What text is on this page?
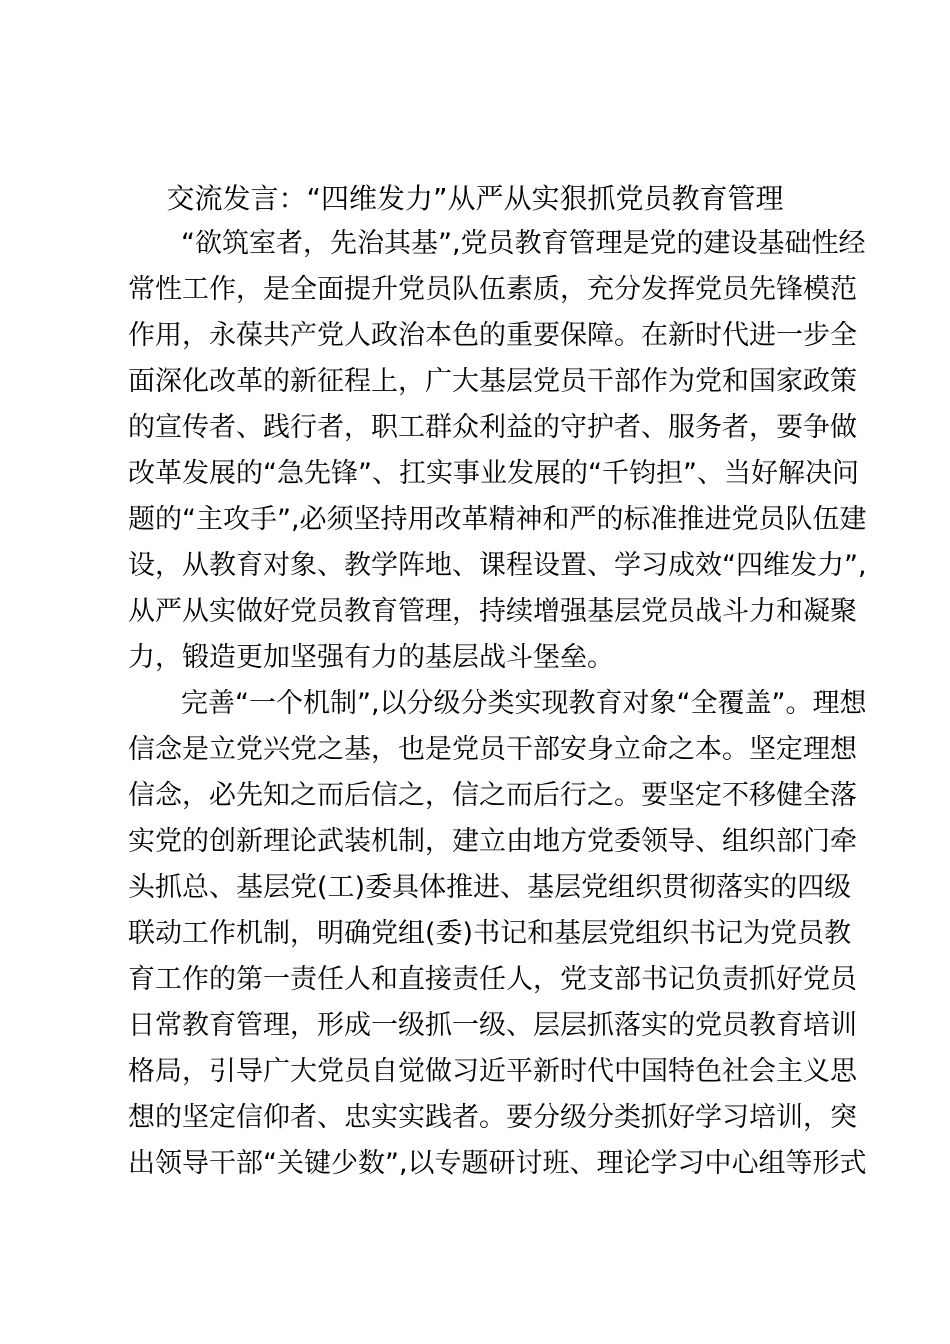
交流发言：“四维发力”从严从实狠抓党员教育管理
“欲筑室者，先治其基”,党员教育管理是党的建设基础性经
常性工作，是全面提升党员队伍素质，充分发挥党员先锋模范
作用，永葆共产党人政治本色的重要保障。在新时代进一步全
面深化改革的新征程上，广大基层党员干部作为党和国家政策
的宣传者、践行者，职工群众利益的守护者、服务者，要争做
改革发展的“急先锋”、扛实事业发展的“千钧担”、当好解决问
题的“主攻手”,必须坚持用改革精神和严的标准推进党员队伍建
设，从教育对象、教学阵地、课程设置、学习成效“四维发力”,
从严从实做好党员教育管理，持续增强基层党员战斗力和凝聚
力，锻造更加坚强有力的基层战斗堡垒。
完善“一个机制”,以分级分类实现教育对象“全覆盖”。理想
信念是立党兴党之基，也是党员干部安身立命之本。坚定理想
信念，必先知之而后信之，信之而后行之。要坚定不移健全落
实党的创新理论武装机制，建立由地方党委领导、组织部门牵
头抓总、基层党(工)委具体推进、基层党组织贯彻落实的四级
联动工作机制，明确党组(委)书记和基层党组织书记为党员教
育工作的第一责任人和直接责任人，党支部书记负责抓好党员
日常教育管理，形成一级抓一级、层层抓落实的党员教育培训
格局，引导广大党员自觉做习近平新时代中国特色社会主义思
想的坚定信仰者、忠实实践者。要分级分类抓好学习培训，突
出领导干部“关键少数”,以专题研讨班、理论学习中心组等形式
